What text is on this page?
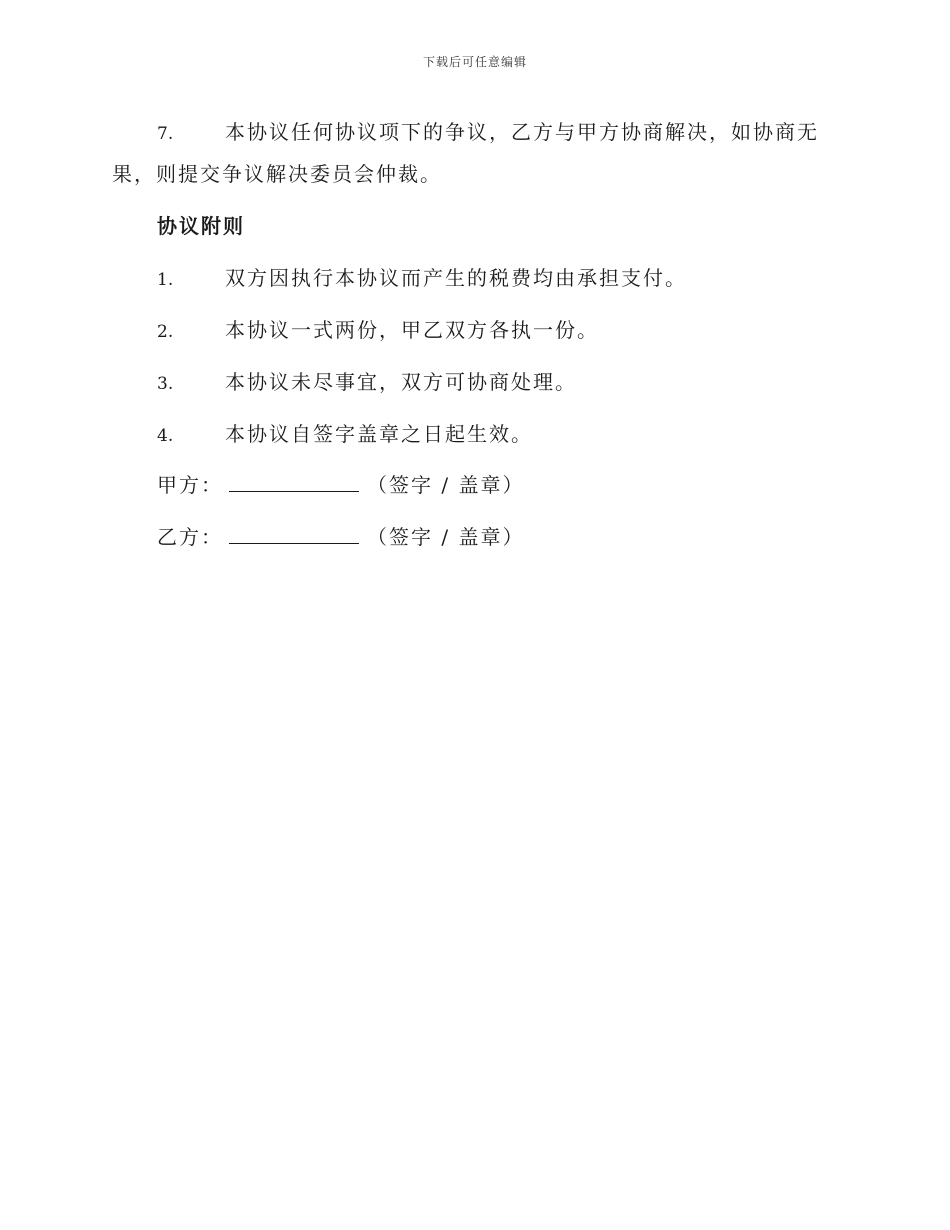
下载后可任意编辑
7.	本协议任何协议项下的争议，乙方与甲方协商解决，如协商无
果，则提交争议解决委员会仲裁。
协议附则
1.	双方因执行本协议而产生的税费均由承担支付。
2.	本协议一式两份，甲乙双方各执一份。
3.	本协议未尽事宜，双方可协商处理。
4.	本协议自签字盖章之日起生效。
甲方：	（签字 / 盖章）
乙方：	（签字 / 盖章）
